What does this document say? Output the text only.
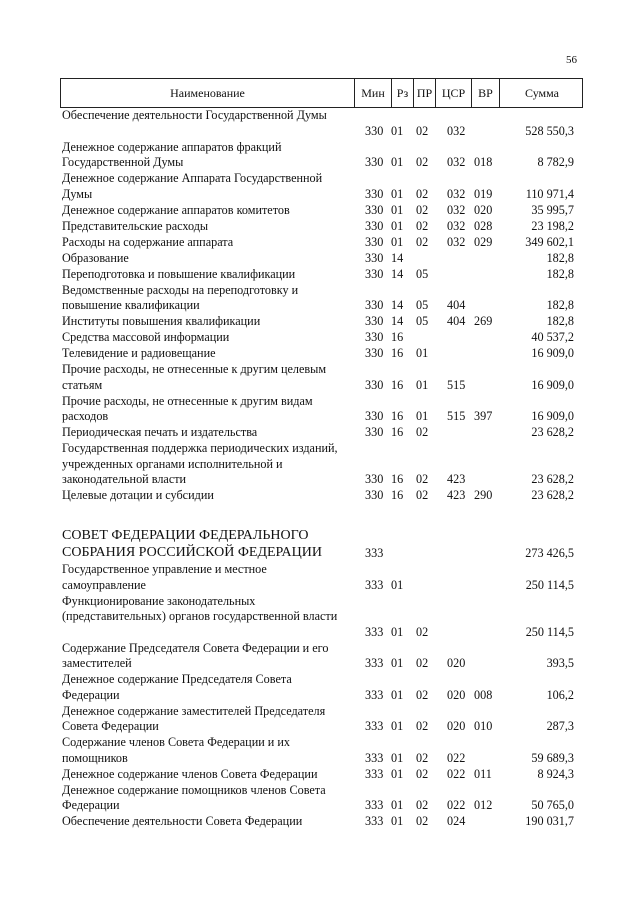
56
Наименование	Мин	Рз ПР ЦСР	ВР	Сумма
Обеспечение деятельности Государственной Думы
330 01 02 032	528 550,3
Денежное содержание аппаратов фракций Государственной Думы	330 01 02 032 018	8 782,9
Денежное содержание Аппарата Государственной Думы	330 01 02 032 019	110 971,4
Денежное содержание аппаратов комитетов	330 01 02 032 020	35 995,7
Представительские расходы	330 01 02 032 028	23 198,2
Расходы на содержание аппарата	330 01 02 032 029	349 602,1
Образование	330 14	182,8
Переподготовка и повышение квалификации	330 14 05	182,8
Ведомственные расходы на переподготовку и повышение квалификации	330 14 05 404	182,8
Институты повышения квалификации	330 14 05 404 269	182,8
Средства массовой информации	330 16	40 537,2
Телевидение и радиовещание	330 16 01	16 909,0
Прочие расходы, не отнесенные к другим целевым статьям	330 16 01 515	16 909,0
Прочие расходы, не отнесенные к другим видам расходов	330 16 01 515 397	16 909,0
Периодическая печать и издательства	330 16 02	23 628,2
Государственная поддержка периодических изданий, учрежденных органами исполнительной и законодательной власти	330 16 02 423	23 628,2
Целевые дотации и субсидии	330 16 02 423 290	23 628,2
СОВЕТ ФЕДЕРАЦИИ ФЕДЕРАЛЬНОГО СОБРАНИЯ РОССИЙСКОЙ ФЕДЕРАЦИИ	333	273 426,5
Государственное управление и местное самоуправление	333 01	250 114,5
Функционирование законодательных (представительных) органов государственной власти
333 01 02	250 114,5
Содержание Председателя Совета Федерации и его заместителей	333 01 02 020	393,5
Денежное содержание Председателя Совета Федерации	333 01 02 020 008	106,2
Денежное содержание заместителей Председателя Совета Федерации	333 01 02 020 010	287,3
Содержание членов Совета Федерации и их помощников	333 01 02 022	59 689,3
Денежное содержание членов Совета Федерации	333 01 02 022 011	8 924,3
Денежное содержание помощников членов Совета Федерации	333 01 02 022 012	50 765,0
Обеспечение деятельности Совета Федерации	333 01 02 024	190 031,7
